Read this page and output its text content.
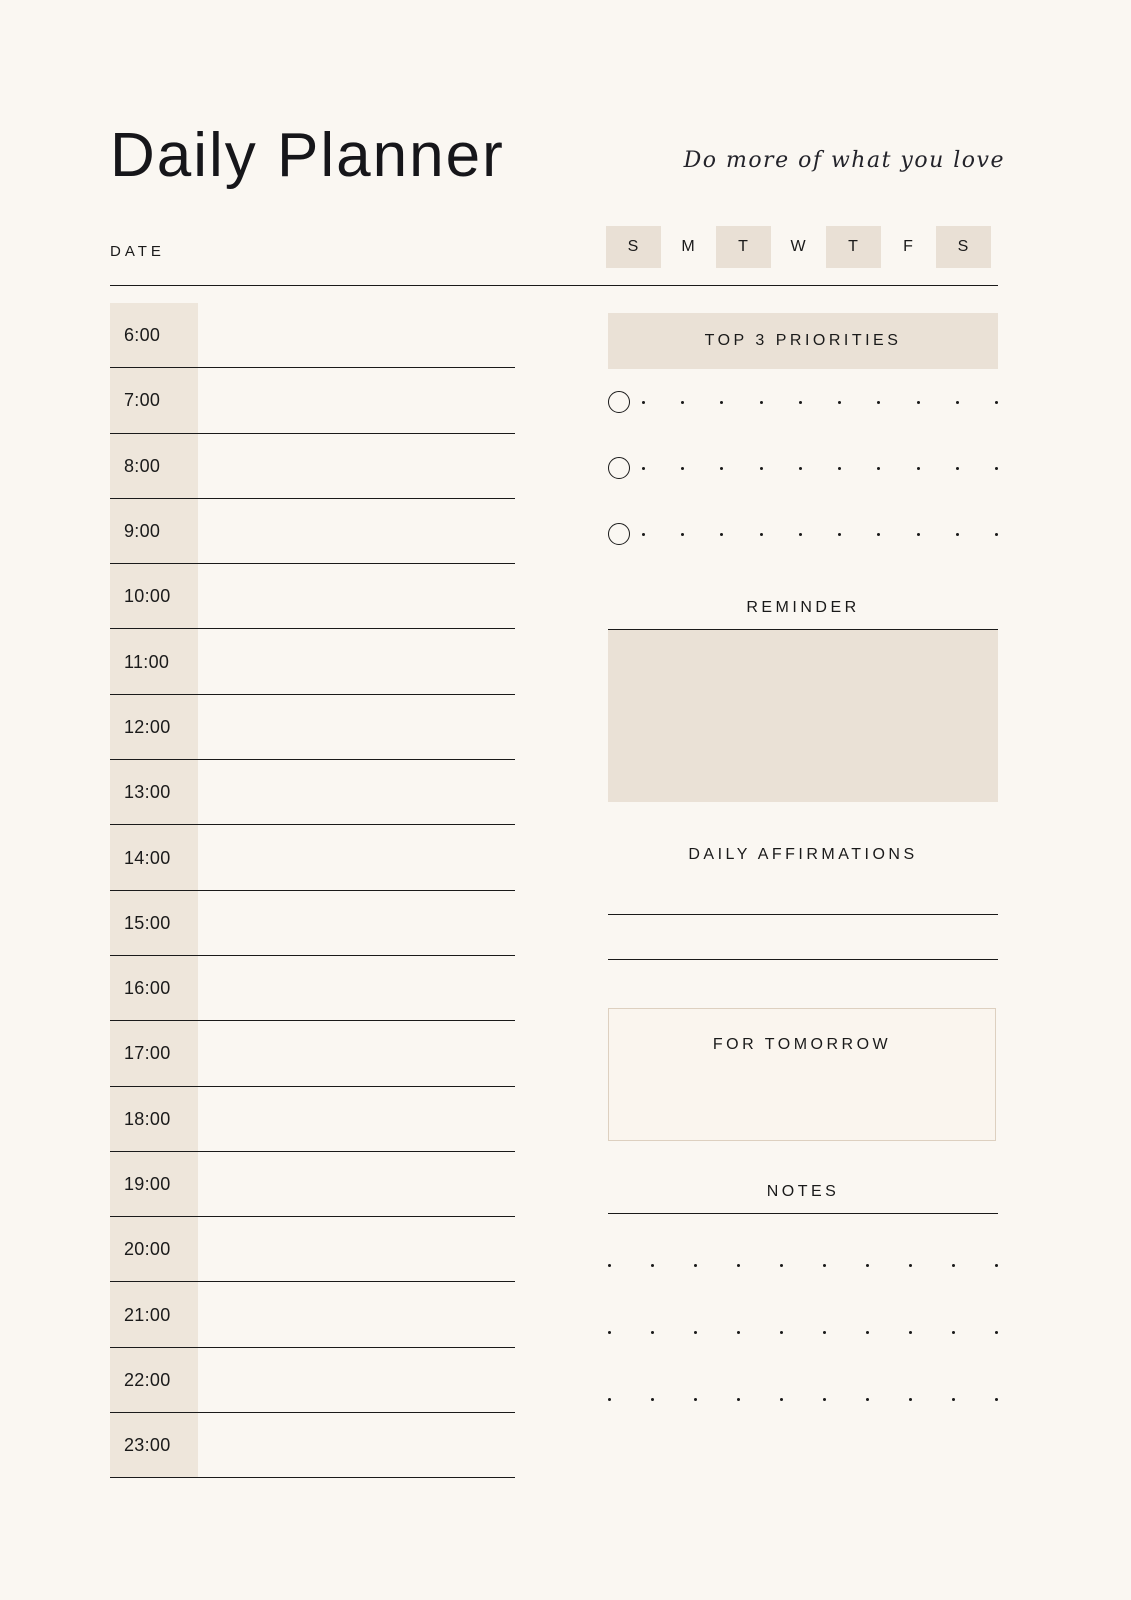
Daily Planner	Do more of what you love
DATE	S	M	T	W	T	F	S
6:00
7:00
8:00
9:00
10:00
11:00
12:00
13:00
14:00
15:00
16:00
17:00
18:00
19:00
20:00
21:00
22:00
23:00
TOP 3 PRIORITIES
REMINDER
DAILY AFFIRMATIONS
FOR TOMORROW
NOTES
